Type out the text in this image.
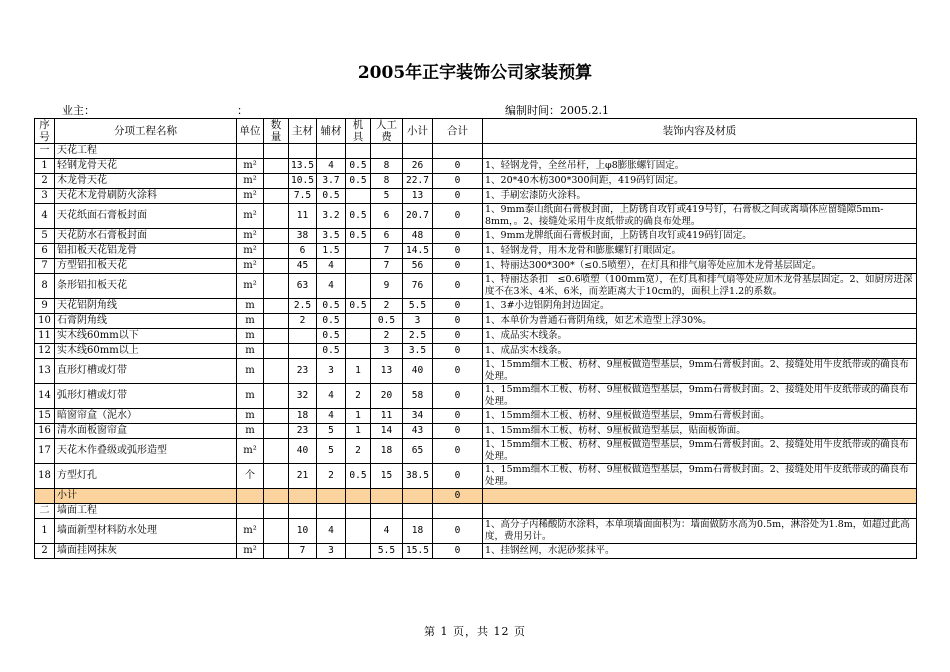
2005年正宇装饰公司家装预算
业主：	：	编制时间：2005.2.1
序号	分项工程名称	单位	数量	主材	辅材	机具	人工费	小计	合计	装饰内容及材质
一	天花工程									
1	轻钢龙骨天花	m²		13.5	4	0.5	8	26	0	1、轻钢龙骨，全丝吊杆，上φ8膨胀螺钉固定。
2	木龙骨天花	m²		10.5	3.7	0.5	8	22.7	0	1、20*40木枋300*300间距，419码钉固定。
3	天花木龙骨刷防火涂料	m²		7.5	0.5		5	13	0	1、手刷宏漆防火涂料。
4	天花纸面石膏板封面	m²		11	3.2	0.5	6	20.7	0	1、9mm泰山纸面石膏板封面，上防锈自攻钉或419号钉，石膏板之间或离墙体应留缝隙5mm-8mm，。2、接缝处采用牛皮纸带或的确良布处理。
5	天花防水石膏板封面	m²		38	3.5	0.5	6	48	0	1、9mm龙牌纸面石膏板封面，上防锈自攻钉或419码钉固定。
6	铝扣板天花铝龙骨	m²		6	1.5		7	14.5	0	1、轻钢龙骨，用木龙骨和膨胀螺钉打眼固定。
7	方型铝扣板天花	m²		45	4		7	56	0	1、特丽达300*300*（≤0.5喷塑），在灯具和排气扇等处应加木龙骨基层固定。
8	条形铝扣板天花	m²		63	4		9	76	0	1、特丽达条扣　≤0.6喷塑（100mm宽），在灯具和排气扇等处应加木龙骨基层固定。2、如厨房进深度不在3米、4米、6米，而差距离大于10cm的，面积上浮1.2的系数。
9	天花铝阴角线	m		2.5	0.5	0.5	2	5.5	0	1、3#小边铝阴角封边固定。
10	石膏阴角线	m		2	0.5		0.5	3	0	1、本单价为普通石膏阴角线，如艺术造型上浮30%。
11	实木线60mm以下	m			0.5		2	2.5	0	1、成品实木线条。
12	实木线60mm以上	m			0.5		3	3.5	0	1、成品实木线条。
13	直形灯槽或灯带	m		23	3	1	13	40	0	1、15mm细木工板、枋材、9厘板做造型基层，9mm石膏板封面。2、接缝处用牛皮纸带或的确良布处理。
14	弧形灯槽或灯带	m		32	4	2	20	58	0	1、15mm细木工板、枋材、9厘板做造型基层，9mm石膏板封面。2、接缝处用牛皮纸带或的确良布处理。
15	暗窗帘盒（泥水）	m		18	4	1	11	34	0	1、15mm细木工板、枋材、9厘板做造型基层，9mm石膏板封面。
16	清水面板窗帘盒	m		23	5	1	14	43	0	1、15mm细木工板、枋材、9厘板做造型基层，贴面板饰面。
17	天花木作叠级或弧形造型	m²		40	5	2	18	65	0	1、15mm细木工板、枋材、9厘板做造型基层，9mm石膏板封面。2、接缝处用牛皮纸带或的确良布处理。
18	方型灯孔	个		21	2	0.5	15	38.5	0	1、15mm细木工板、枋材、9厘板做造型基层，9mm石膏板封面。2、接缝处用牛皮纸带或的确良布处理。
	小计								0	
二	墙面工程									
1	墙面新型材料防水处理	m²		10	4		4	18	0	1、高分子丙稀酸防水涂料，本单项墙面面积为：墙面做防水高为0.5m，淋浴处为1.8m，如超过此高度，费用另计。
2	墙面挂网抹灰	m²		7	3		5.5	15.5	0	1、挂钢丝网，水泥砂浆抹平。
第 1 页，共 12 页
